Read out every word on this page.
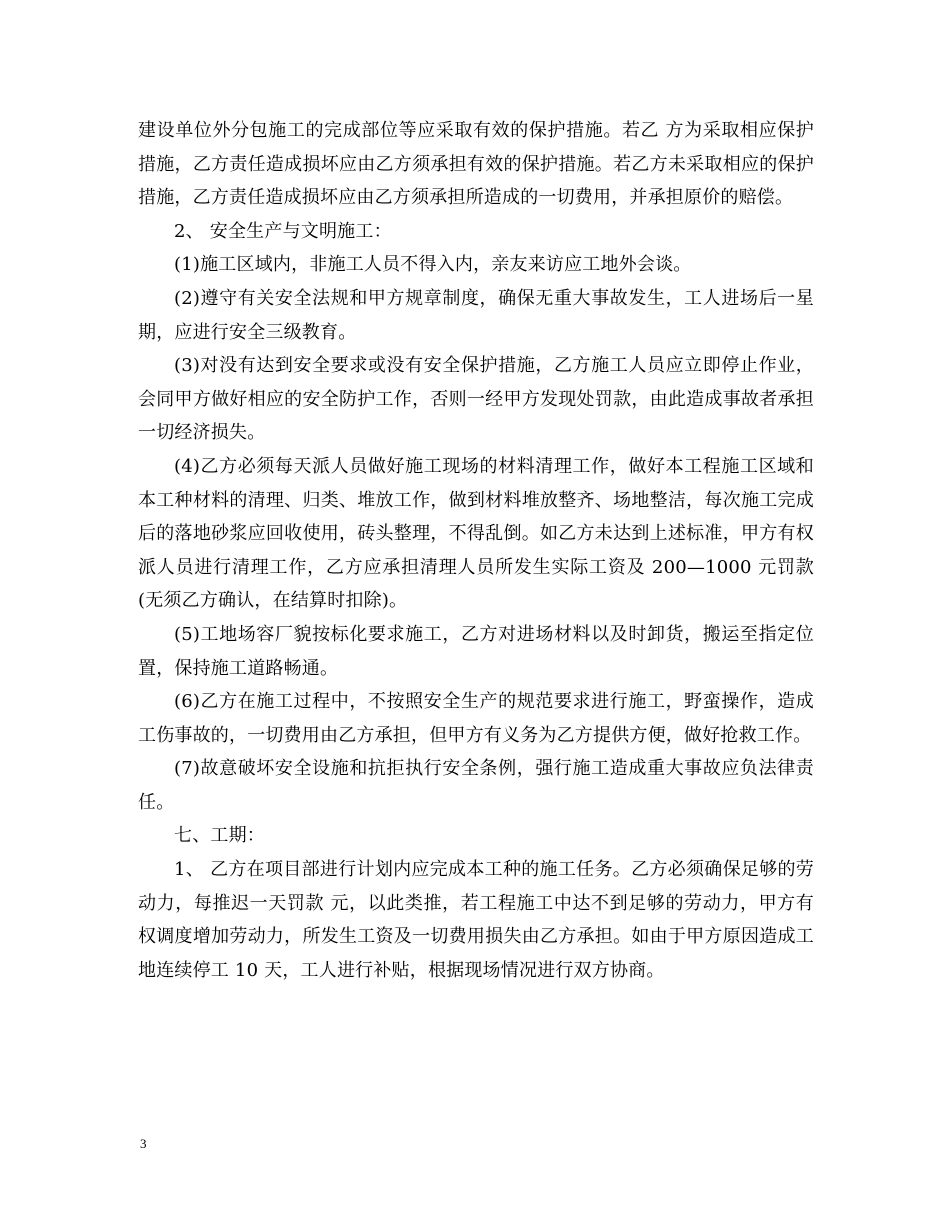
建设单位外分包施工的完成部位等应采取有效的保护措施。若乙 方为采取相应保护措施，乙方责任造成损坏应由乙方须承担有效的保护措施。若乙方未采取相应的保护措施，乙方责任造成损坏应由乙方须承担所造成的一切费用，并承担原价的赔偿。

2、 安全生产与文明施工：

(1)施工区域内，非施工人员不得入内，亲友来访应工地外会谈。

(2)遵守有关安全法规和甲方规章制度，确保无重大事故发生，工人进场后一星期，应进行安全三级教育。

(3)对没有达到安全要求或没有安全保护措施，乙方施工人员应立即停止作业，会同甲方做好相应的安全防护工作，否则一经甲方发现处罚款，由此造成事故者承担一切经济损失。

(4)乙方必须每天派人员做好施工现场的材料清理工作，做好本工程施工区域和本工种材料的清理、归类、堆放工作，做到材料堆放整齐、场地整洁，每次施工完成后的落地砂浆应回收使用，砖头整理，不得乱倒。如乙方未达到上述标准，甲方有权派人员进行清理工作，乙方应承担清理人员所发生实际工资及 200—1000 元罚款(无须乙方确认，在结算时扣除)。

(5)工地场容厂貌按标化要求施工，乙方对进场材料以及时卸货，搬运至指定位置，保持施工道路畅通。

(6)乙方在施工过程中，不按照安全生产的规范要求进行施工，野蛮操作，造成工伤事故的，一切费用由乙方承担，但甲方有义务为乙方提供方便，做好抢救工作。

(7)故意破坏安全设施和抗拒执行安全条例，强行施工造成重大事故应负法律责任。

七、工期：

1、 乙方在项目部进行计划内应完成本工种的施工任务。乙方必须确保足够的劳动力，每推迟一天罚款 元，以此类推，若工程施工中达不到足够的劳动力，甲方有权调度增加劳动力，所发生工资及一切费用损失由乙方承担。如由于甲方原因造成工地连续停工 10 天，工人进行补贴，根据现场情况进行双方协商。

3
